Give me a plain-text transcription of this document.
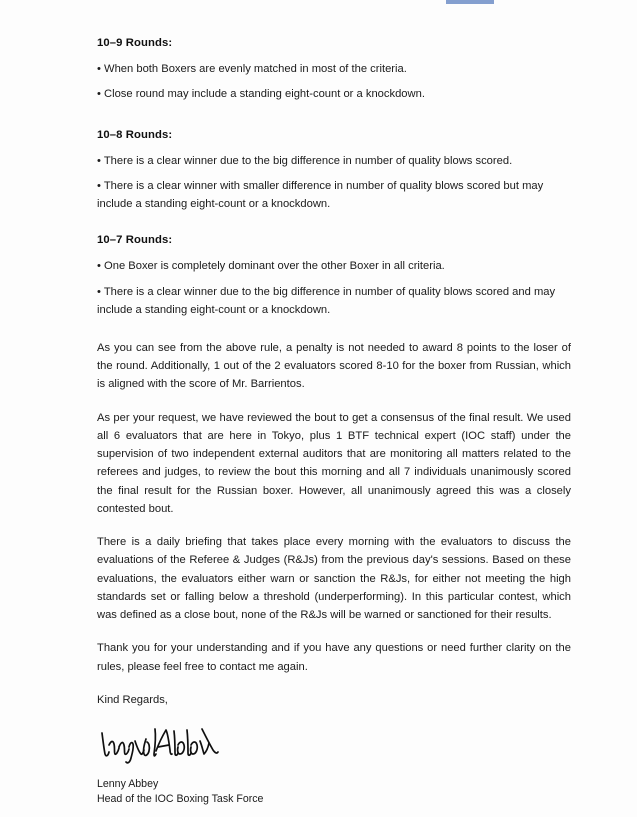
10–9 Rounds:

• When both Boxers are evenly matched in most of the criteria.

• Close round may include a standing eight-count or a knockdown.

10–8 Rounds:

• There is a clear winner due to the big difference in number of quality blows scored.

• There is a clear winner with smaller difference in number of quality blows scored but may include a standing eight-count or a knockdown.

10–7 Rounds:

• One Boxer is completely dominant over the other Boxer in all criteria.

• There is a clear winner due to the big difference in number of quality blows scored and may include a standing eight-count or a knockdown.

As you can see from the above rule, a penalty is not needed to award 8 points to the loser of the round. Additionally, 1 out of the 2 evaluators scored 8-10 for the boxer from Russian, which is aligned with the score of Mr. Barrientos.

As per your request, we have reviewed the bout to get a consensus of the final result. We used all 6 evaluators that are here in Tokyo, plus 1 BTF technical expert (IOC staff) under the supervision of two independent external auditors that are monitoring all matters related to the referees and judges, to review the bout this morning and all 7 individuals unanimously scored the final result for the Russian boxer. However, all unanimously agreed this was a closely contested bout.

There is a daily briefing that takes place every morning with the evaluators to discuss the evaluations of the Referee & Judges (R&Js) from the previous day's sessions. Based on these evaluations, the evaluators either warn or sanction the R&Js, for either not meeting the high standards set or falling below a threshold (underperforming). In this particular contest, which was defined as a close bout, none of the R&Js will be warned or sanctioned for their results.

Thank you for your understanding and if you have any questions or need further clarity on the rules, please feel free to contact me again.

Kind Regards,

Lenny Abbey
Head of the IOC Boxing Task Force
